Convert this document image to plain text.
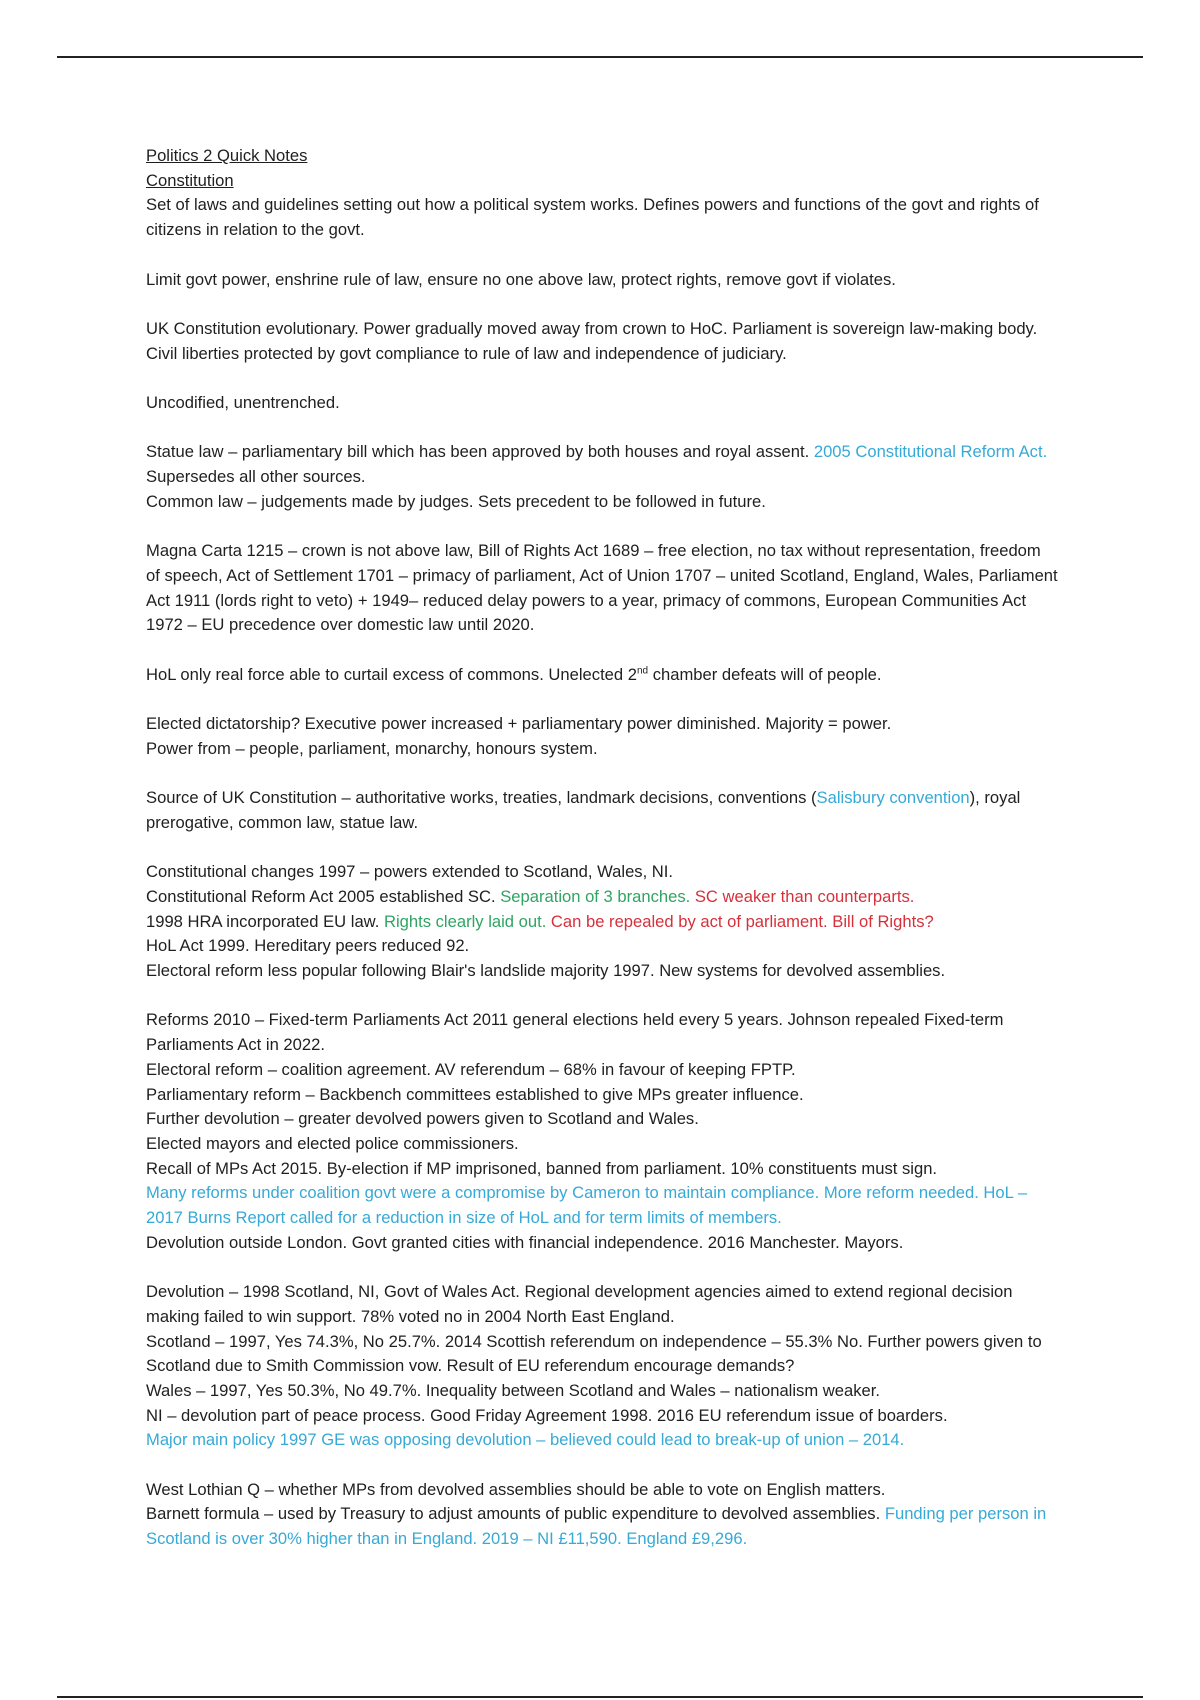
Politics 2 Quick Notes
Constitution
Set of laws and guidelines setting out how a political system works. Defines powers and functions of the govt and rights of citizens in relation to the govt.

Limit govt power, enshrine rule of law, ensure no one above law, protect rights, remove govt if violates.

UK Constitution evolutionary. Power gradually moved away from crown to HoC. Parliament is sovereign law-making body. Civil liberties protected by govt compliance to rule of law and independence of judiciary.

Uncodified, unentrenched.

Statue law – parliamentary bill which has been approved by both houses and royal assent. 2005 Constitutional Reform Act. Supersedes all other sources.
Common law – judgements made by judges. Sets precedent to be followed in future.

Magna Carta 1215 – crown is not above law, Bill of Rights Act 1689 – free election, no tax without representation, freedom of speech, Act of Settlement 1701 – primacy of parliament, Act of Union 1707 – united Scotland, England, Wales, Parliament Act 1911 (lords right to veto) + 1949– reduced delay powers to a year, primacy of commons, European Communities Act 1972 – EU precedence over domestic law until 2020.

HoL only real force able to curtail excess of commons. Unelected 2nd chamber defeats will of people.

Elected dictatorship? Executive power increased + parliamentary power diminished. Majority = power.
Power from – people, parliament, monarchy, honours system.

Source of UK Constitution – authoritative works, treaties, landmark decisions, conventions (Salisbury convention), royal prerogative, common law, statue law.

Constitutional changes 1997 – powers extended to Scotland, Wales, NI.
Constitutional Reform Act 2005 established SC. Separation of 3 branches. SC weaker than counterparts.
1998 HRA incorporated EU law. Rights clearly laid out. Can be repealed by act of parliament. Bill of Rights?
HoL Act 1999. Hereditary peers reduced 92.
Electoral reform less popular following Blair's landslide majority 1997. New systems for devolved assemblies.
Reforms 2010 – Fixed-term Parliaments Act 2011 general elections held every 5 years. Johnson repealed Fixed-term Parliaments Act in 2022.
Electoral reform – coalition agreement. AV referendum – 68% in favour of keeping FPTP.
Parliamentary reform – Backbench committees established to give MPs greater influence.
Further devolution – greater devolved powers given to Scotland and Wales.
Elected mayors and elected police commissioners.
Recall of MPs Act 2015. By-election if MP imprisoned, banned from parliament. 10% constituents must sign.
Many reforms under coalition govt were a compromise by Cameron to maintain compliance. More reform needed. HoL – 2017 Burns Report called for a reduction in size of HoL and for term limits of members.
Devolution outside London. Govt granted cities with financial independence. 2016 Manchester. Mayors.
Devolution – 1998 Scotland, NI, Govt of Wales Act. Regional development agencies aimed to extend regional decision making failed to win support. 78% voted no in 2004 North East England.
Scotland – 1997, Yes 74.3%, No 25.7%. 2014 Scottish referendum on independence – 55.3% No. Further powers given to Scotland due to Smith Commission vow. Result of EU referendum encourage demands?
Wales – 1997, Yes 50.3%, No 49.7%. Inequality between Scotland and Wales – nationalism weaker.
NI – devolution part of peace process. Good Friday Agreement 1998. 2016 EU referendum issue of boarders.
Major main policy 1997 GE was opposing devolution – believed could lead to break-up of union – 2014.
West Lothian Q – whether MPs from devolved assemblies should be able to vote on English matters.
Barnett formula – used by Treasury to adjust amounts of public expenditure to devolved assemblies. Funding per person in Scotland is over 30% higher than in England. 2019 – NI £11,590. England £9,296.
